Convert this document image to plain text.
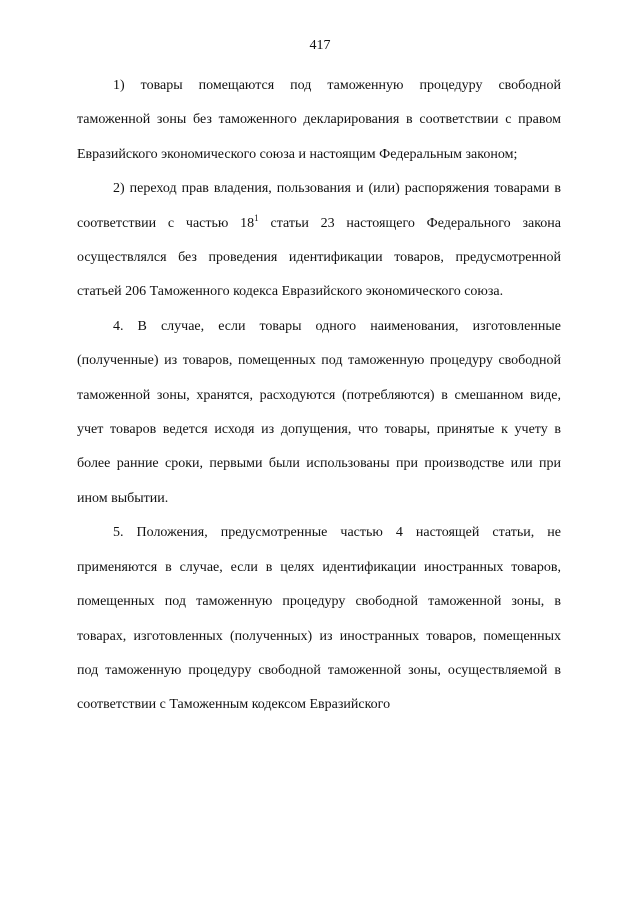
417

1) товары помещаются под таможенную процедуру свободной таможенной зоны без таможенного декларирования в соответствии с правом Евразийского экономического союза и настоящим Федеральным законом;

2) переход прав владения, пользования и (или) распоряжения товарами в соответствии с частью $18^1$ статьи 23 настоящего Федерального закона осуществлялся без проведения идентификации товаров, предусмотренной статьей 206 Таможенного кодекса Евразийского экономического союза.

4. В случае, если товары одного наименования, изготовленные (полученные) из товаров, помещенных под таможенную процедуру свободной таможенной зоны, хранятся, расходуются (потребляются) в смешанном виде, учет товаров ведется исходя из допущения, что товары, принятые к учету в более ранние сроки, первыми были использованы при производстве или при ином выбытии.

5. Положения, предусмотренные частью 4 настоящей статьи, не применяются в случае, если в целях идентификации иностранных товаров, помещенных под таможенную процедуру свободной таможенной зоны, в товарах, изготовленных (полученных) из иностранных товаров, помещенных под таможенную процедуру свободной таможенной зоны, осуществляемой в соответствии с Таможенным кодексом Евразийского
